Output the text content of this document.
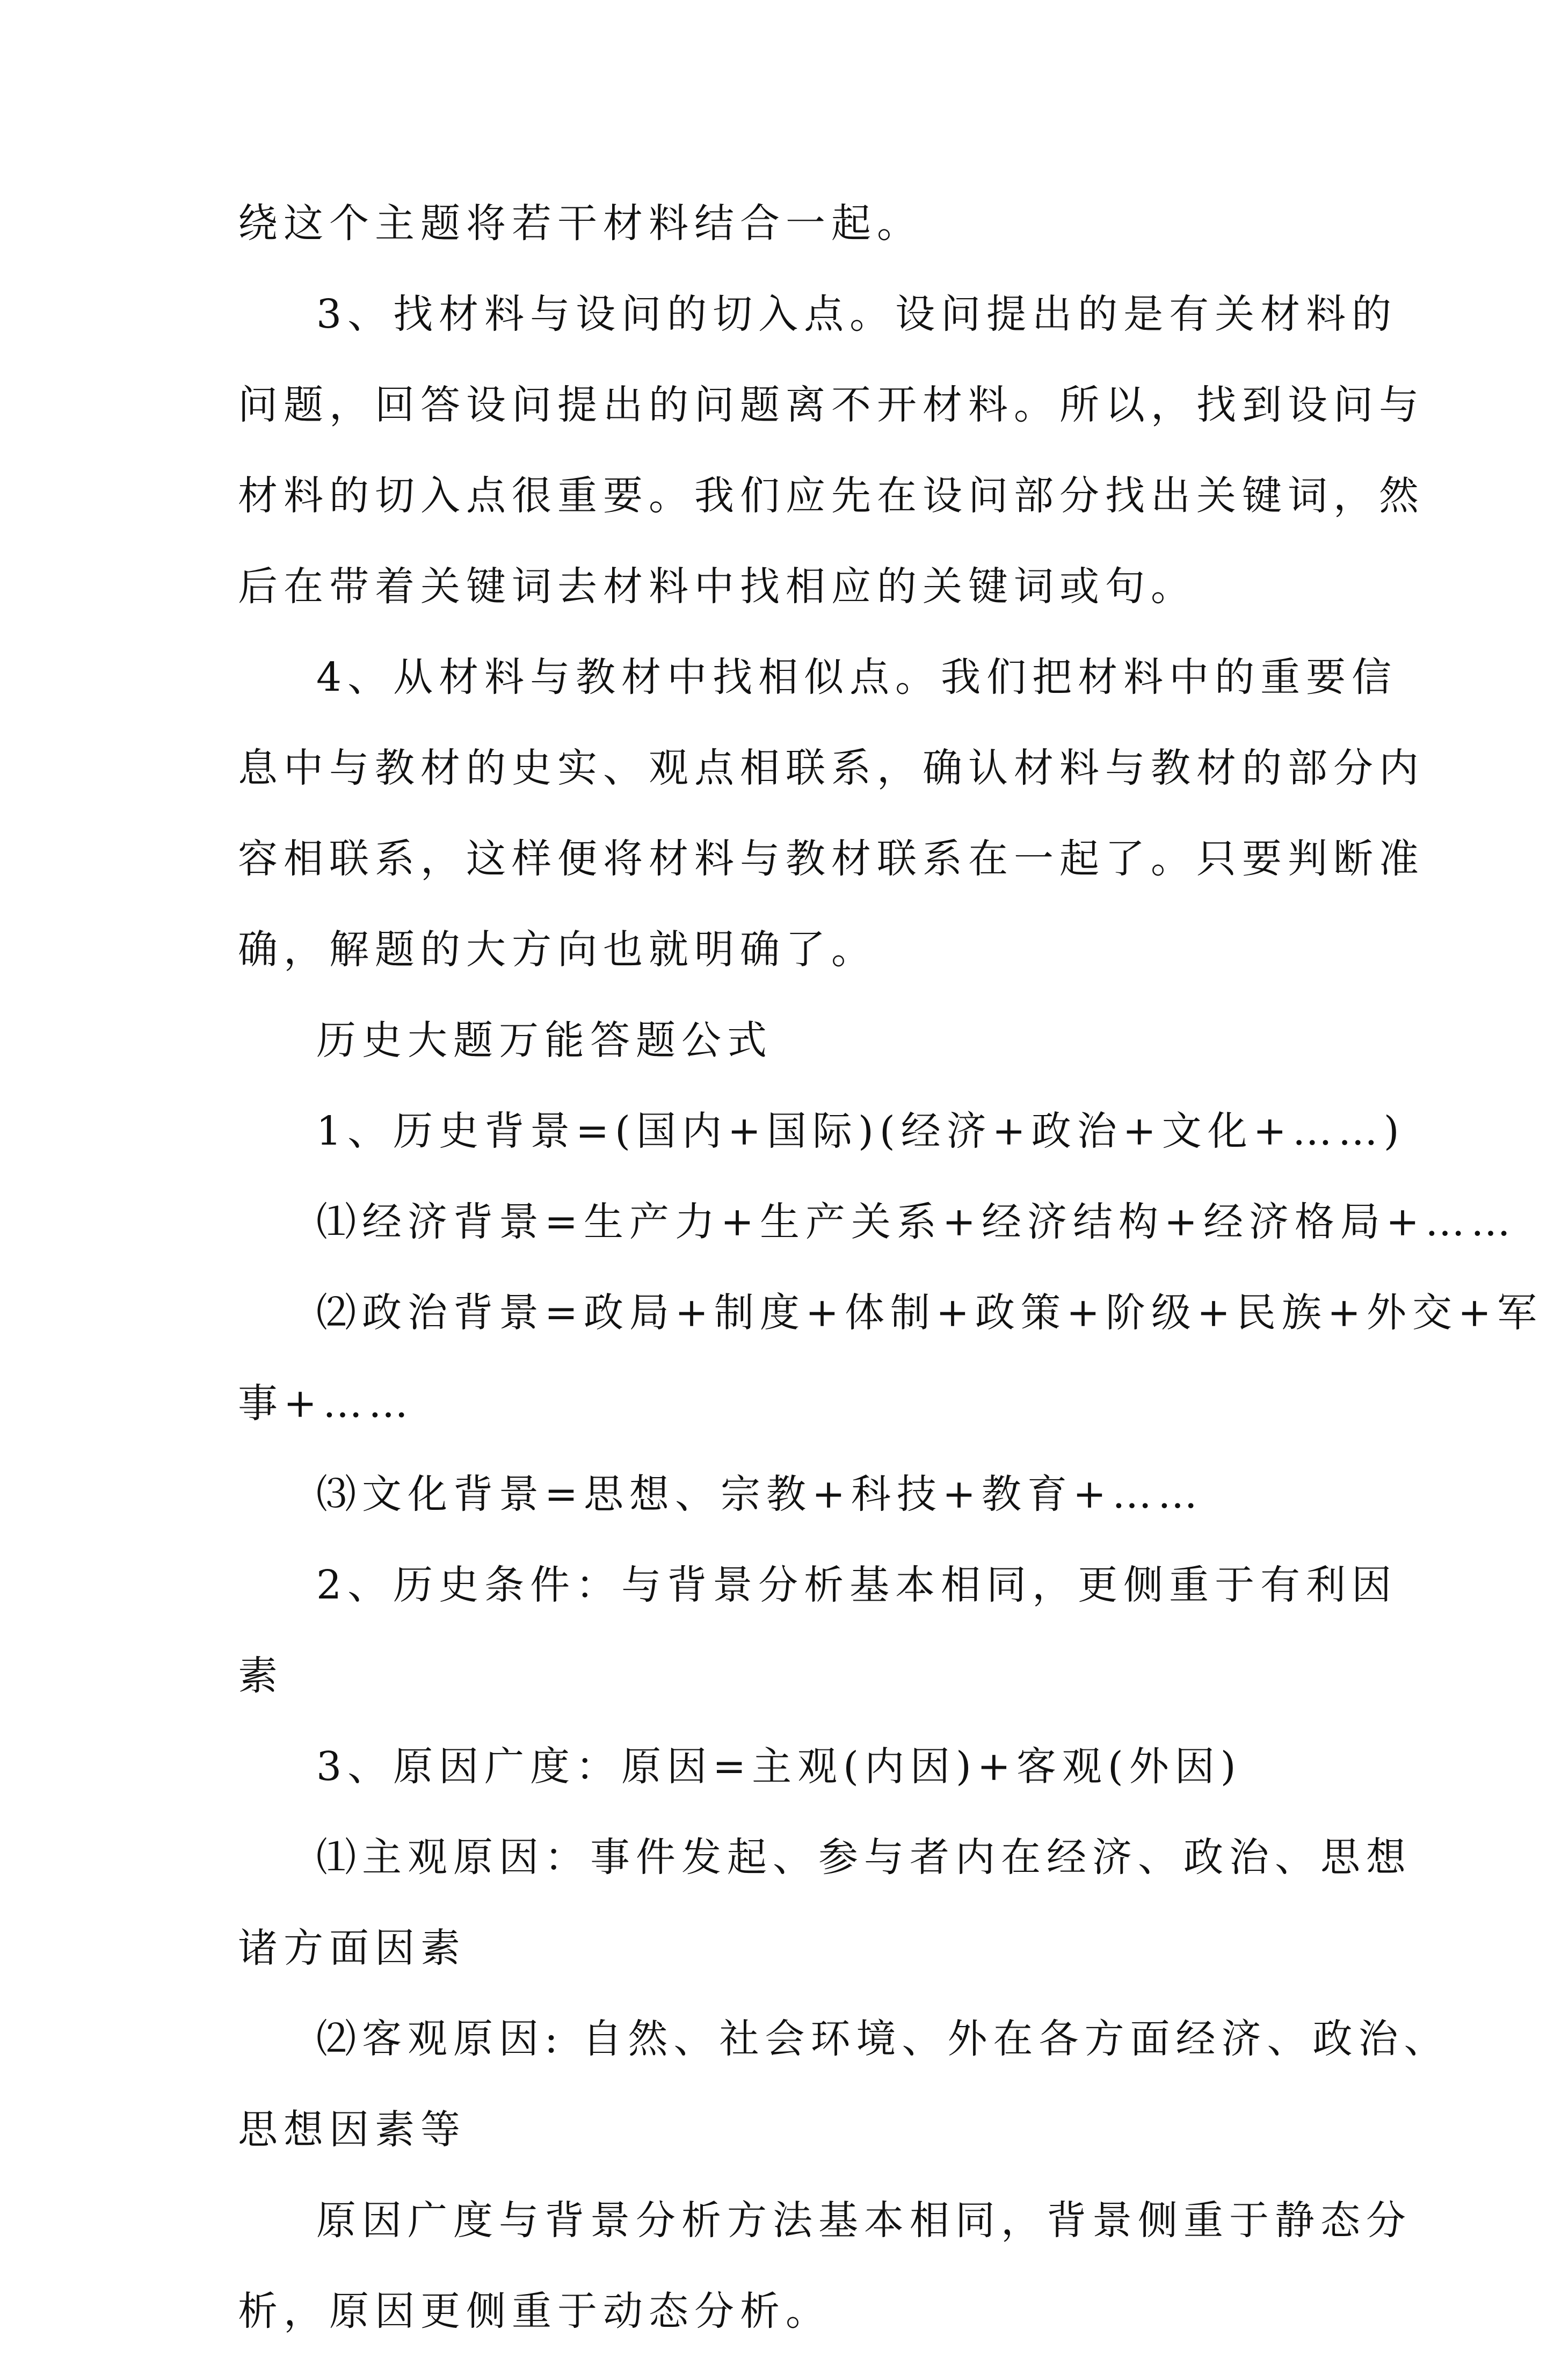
绕这个主题将若干材料结合一起。
3、找材料与设问的切入点。设问提出的是有关材料的
问题，回答设问提出的问题离不开材料。所以，找到设问与
材料的切入点很重要。我们应先在设问部分找出关键词，然
后在带着关键词去材料中找相应的关键词或句。
4、从材料与教材中找相似点。我们把材料中的重要信
息中与教材的史实、观点相联系，确认材料与教材的部分内
容相联系，这样便将材料与教材联系在一起了。只要判断准
确，解题的大方向也就明确了。
历史大题万能答题公式
1、历史背景=(国内+国际)(经济+政治+文化+……)
⑴经济背景=生产力+生产关系+经济结构+经济格局+……
⑵政治背景=政局+制度+体制+政策+阶级+民族+外交+军
事+……
⑶文化背景=思想、宗教+科技+教育+……
2、历史条件：与背景分析基本相同，更侧重于有利因
素
3、原因广度：原因=主观(内因)+客观(外因)
⑴主观原因：事件发起、参与者内在经济、政治、思想
诸方面因素
⑵客观原因: 自然、社会环境、外在各方面经济、政治、
思想因素等
原因广度与背景分析方法基本相同，背景侧重于静态分
析，原因更侧重于动态分析。
